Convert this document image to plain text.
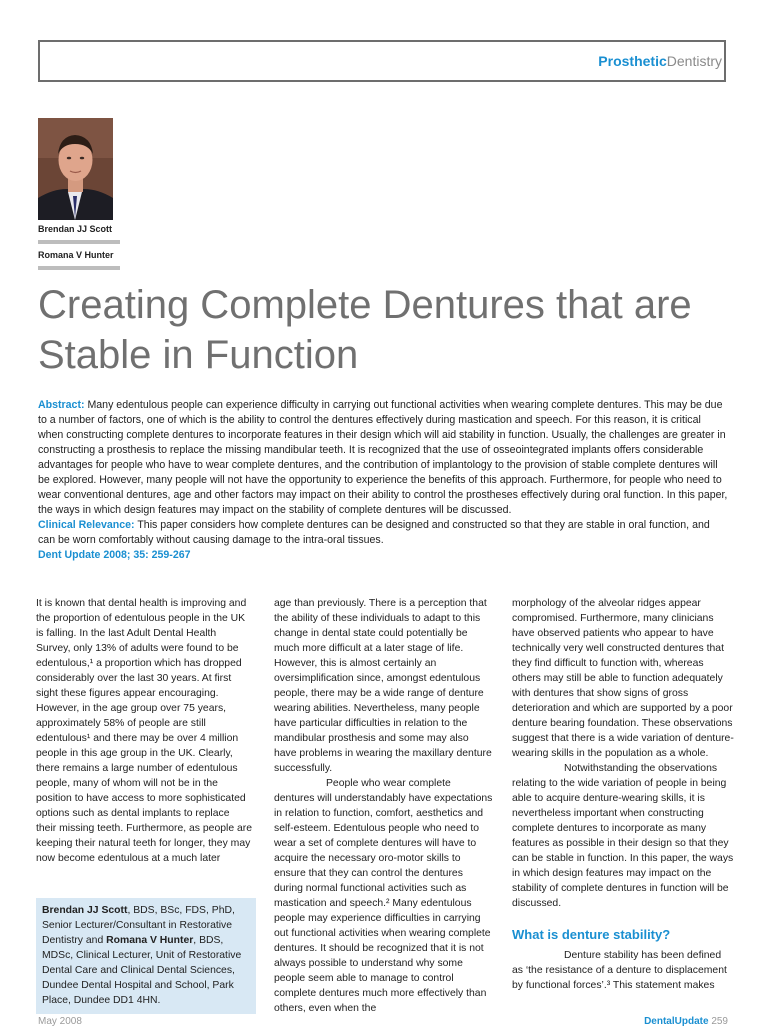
ProstheticDentistry
Brendan JJ Scott
Romana V Hunter
Creating Complete Dentures that are Stable in Function

Abstract: Many edentulous people can experience difficulty in carrying out functional activities when wearing complete dentures. This may be due to a number of factors, one of which is the ability to control the dentures effectively during mastication and speech. For this reason, it is critical when constructing complete dentures to incorporate features in their design which will aid stability in function. Usually, the challenges are greater in constructing a prosthesis to replace the missing mandibular teeth. It is recognized that the use of osseointegrated implants offers considerable advantages for people who have to wear complete dentures, and the contribution of implantology to the provision of stable complete dentures will be explored. However, many people will not have the opportunity to experience the benefits of this approach. Furthermore, for people who need to wear conventional dentures, age and other factors may impact on their ability to control the prostheses effectively during oral function. In this paper, the ways in which design features may impact on the stability of complete dentures will be discussed.

Clinical Relevance: This paper considers how complete dentures can be designed and constructed so that they are stable in oral function, and can be worn comfortably without causing damage to the intra-oral tissues.

Dent Update 2008; 35: 259-267

It is known that dental health is improving and the proportion of edentulous people in the UK is falling. In the last Adult Dental Health Survey, only 13% of adults were found to be edentulous,¹ a proportion which has dropped considerably over the last 30 years. At first sight these figures appear encouraging. However, in the age group over 75 years, approximately 58% of people are still edentulous¹ and there may be over 4 million people in this age group in the UK. Clearly, there remains a large number of edentulous people, many of whom will not be in the position to have access to more sophisticated options such as dental implants to replace their missing teeth. Furthermore, as people are keeping their natural teeth for longer, they may now become edentulous at a much later

age than previously. There is a perception that the ability of these individuals to adapt to this change in dental state could potentially be much more difficult at a later stage of life. However, this is almost certainly an oversimplification since, amongst edentulous people, there may be a wide range of denture wearing abilities. Nevertheless, many people have particular difficulties in relation to the mandibular prosthesis and some may also have problems in wearing the maxillary denture successfully.

People who wear complete dentures will understandably have expectations in relation to function, comfort, aesthetics and self-esteem. Edentulous people who need to wear a set of complete dentures will have to acquire the necessary oro-motor skills to ensure that they can control the dentures during normal functional activities such as mastication and speech.² Many edentulous people may experience difficulties in carrying out functional activities when wearing complete dentures. It should be recognized that it is not always possible to understand why some people seem able to manage to control complete dentures much more effectively than others, even when the

morphology of the alveolar ridges appear compromised. Furthermore, many clinicians have observed patients who appear to have technically very well constructed dentures that they find difficult to function with, whereas others may still be able to function adequately with dentures that show signs of gross deterioration and which are supported by a poor denture bearing foundation. These observations suggest that there is a wide variation of denture-wearing skills in the population as a whole.

Notwithstanding the observations relating to the wide variation of people in being able to acquire denture-wearing skills, it is nevertheless important when constructing complete dentures to incorporate as many features as possible in their design so that they can be stable in function. In this paper, the ways in which design features may impact on the stability of complete dentures in function will be discussed.

What is denture stability?

Denture stability has been defined as ‘the resistance of a denture to displacement by functional forces’.³ This statement makes

Brendan JJ Scott, BDS, BSc, FDS, PhD, Senior Lecturer/Consultant in Restorative Dentistry and Romana V Hunter, BDS, MDSc, Clinical Lecturer, Unit of Restorative Dental Care and Clinical Dental Sciences, Dundee Dental Hospital and School, Park Place, Dundee DD1 4HN.
May 2008	DentalUpdate 259
